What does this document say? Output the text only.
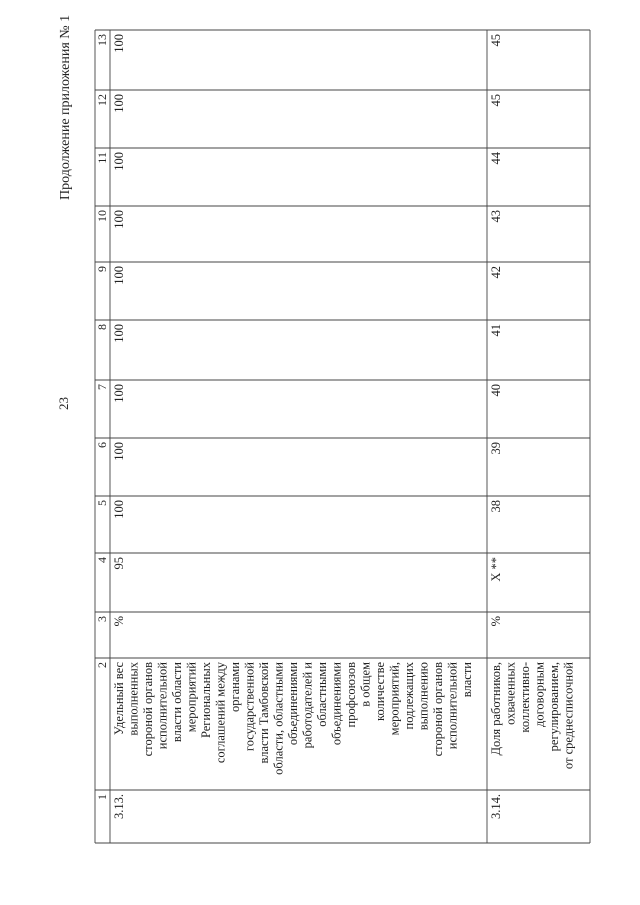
Продолжение приложения № 1
23
1
2
3
4
5
6
7
8
9
10
11
12
13
3.13.
Удельный вес выполненных стороной органов исполнительной власти области мероприятий Региональных соглашений между органами государственной власти Тамбовской области, областными объединениями работодателей и областными объединениями профсоюзов в общем количестве мероприятий, подлежащих выполнению стороной органов исполнительной власти
%
95
100
100
100
100
100
100
100
100
100
3.14.
Доля работников, охваченных коллективно- договорным регулированием, от среднесписочной
%
X **
38
39
40
41
42
43
44
45
45
